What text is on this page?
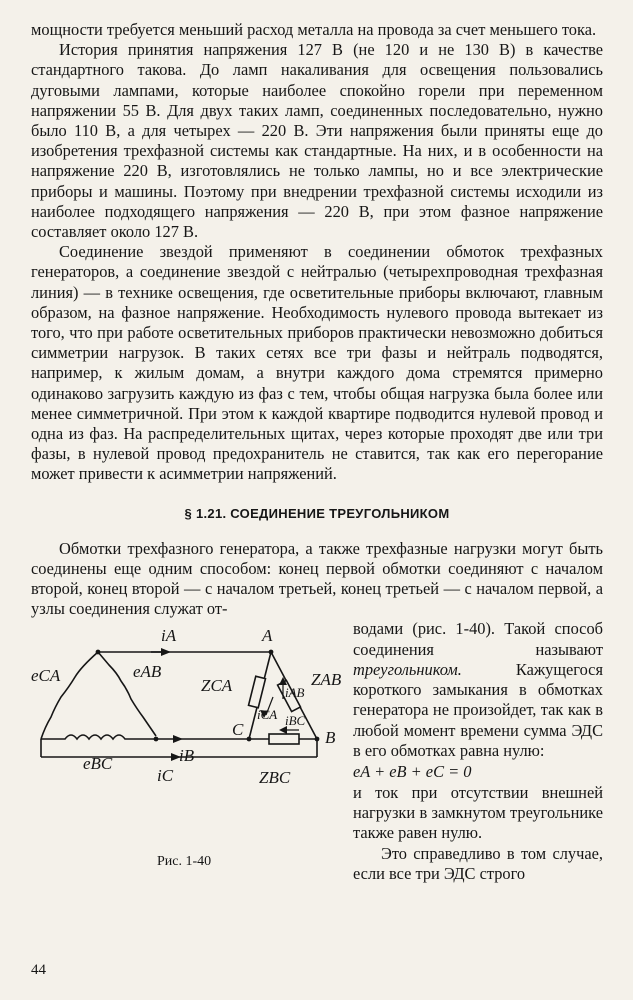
мощности требуется меньший расход металла на провода за счет меньшего тока.

История принятия напряжения 127 В (не 120 и не 130 В) в качестве стандартного такова. До ламп накаливания для освещения пользовались дуговыми лампами, которые наиболее спокойно горели при переменном напряжении 55 В. Для двух таких ламп, соединенных последовательно, нужно было 110 В, а для четырех — 220 В. Эти напряжения были приняты еще до изобретения трехфазной системы как стандартные. На них, и в особенности на напряжение 220 В, изготовлялись не только лампы, но и все электрические приборы и машины. Поэтому при внедрении трехфазной системы исходили из наиболее подходящего напряжения — 220 В, при этом фазное напряжение составляет около 127 В.

Соединение звездой применяют в соединении обмоток трехфазных генераторов, а соединение звездой с нейтралью (четырехпроводная трехфазная линия) — в технике освещения, где осветительные приборы включают, главным образом, на фазное напряжение. Необходимость нулевого провода вытекает из того, что при работе осветительных приборов практически невозможно добиться симметрии нагрузок. В таких сетях все три фазы и нейтраль подводятся, например, к жилым домам, а внутри каждого дома стремятся примерно одинаково загрузить каждую из фаз с тем, чтобы общая нагрузка была более или менее симметричной. При этом к каждой квартире подводится нулевой провод и одна из фаз. На распределительных щитах, через которые проходят две или три фазы, в нулевой провод предохранитель не ставится, так как его перегорание может привести к асимметрии напряжений.

§ 1.21. СОЕДИНЕНИЕ ТРЕУГОЛЬНИКОМ

Обмотки трехфазного генератора, а также трехфазные нагрузки могут быть соединены еще одним способом: конец первой обмотки соединяют с началом второй, конец второй — с началом третьей, конец третьей — с началом первой, а узлы соединения служат от-

iA	A
eCA	eAB
ZCA	ZAB
iAB
iCA iBC
C	B
iB
eBC
iC	ZBC
Рис. 1-40

водами (рис. 1-40). Такой способ соединения называют треугольником.	Кажущегося короткого замыкания в обмотках генератора не произойдет, так как в любой момент времени сумма ЭДС в его обмотках равна нулю:

eA + eB + eC = 0

и ток при отсутствии внешней нагрузки в замкнутом треугольнике также равен нулю.

Это справедливо в том случае, если все три ЭДС строго

44
